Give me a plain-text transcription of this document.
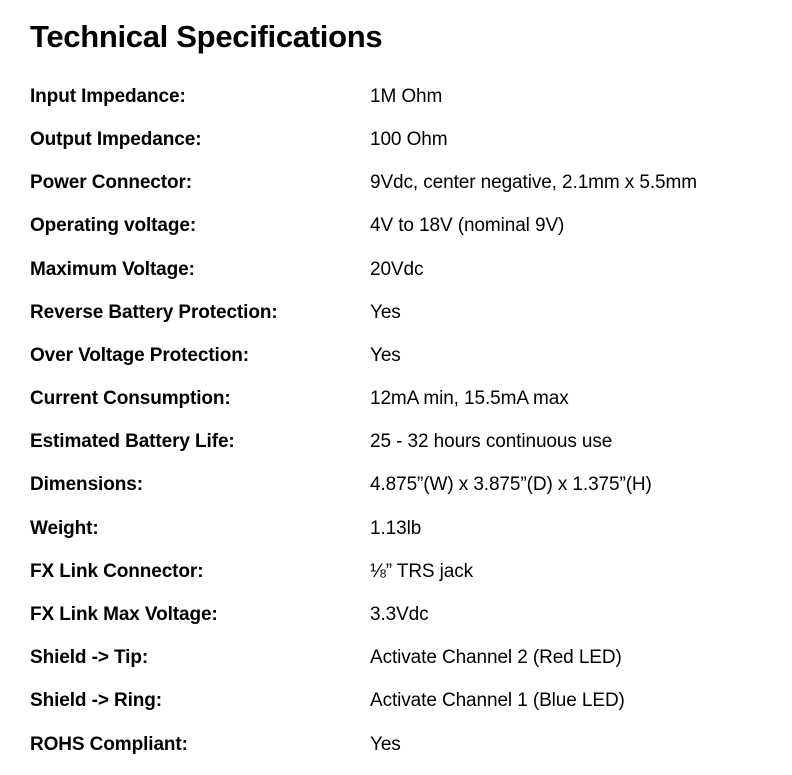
Technical Specifications
Input Impedance:	1M Ohm
Output Impedance:	100 Ohm
Power Connector:	9Vdc, center negative, 2.1mm x 5.5mm
Operating voltage:	4V to 18V (nominal 9V)
Maximum Voltage:	20Vdc
Reverse Battery Protection:	Yes
Over Voltage Protection:	Yes
Current Consumption:	12mA min, 15.5mA max
Estimated Battery Life:	25 - 32 hours continuous use
Dimensions:	4.875”(W) x 3.875”(D) x 1.375”(H)
Weight:	1.13lb
FX Link Connector:	⅛” TRS jack
FX Link Max Voltage:	3.3Vdc
Shield -> Tip:	Activate Channel 2 (Red LED)
Shield -> Ring:	Activate Channel 1 (Blue LED)
ROHS Compliant:	Yes
